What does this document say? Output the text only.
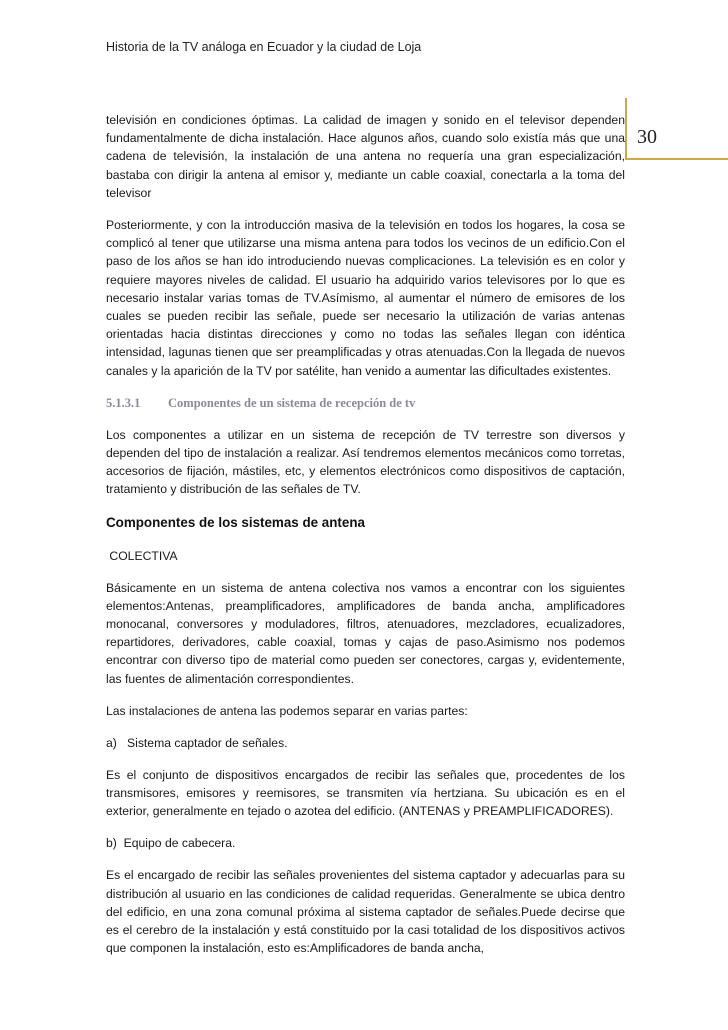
Historia de la TV análoga en Ecuador y la ciudad de Loja
30

televisión en condiciones óptimas. La calidad de imagen y sonido en el televisor dependen fundamentalmente de dicha instalación. Hace algunos años, cuando solo existía más que una cadena de televisión, la instalación de una antena no requería una gran especialización, bastaba con dirigir la antena al emisor y, mediante un cable coaxial, conectarla a la toma del televisor

Posteriormente, y con la introducción masiva de la televisión en todos los hogares, la cosa se complicó al tener que utilizarse una misma antena para todos los vecinos de un edificio.Con el paso de los años se han ido introduciendo nuevas complicaciones. La televisión es en color y requiere mayores niveles de calidad. El usuario ha adquirido varios televisores por lo que es necesario instalar varias tomas de TV.Asímismo, al aumentar el número de emisores de los cuales se pueden recibir las señale, puede ser necesario la utilización de varias antenas orientadas hacia distintas direcciones y como no todas las señales llegan con idéntica intensidad, lagunas tienen que ser preamplificadas y otras atenuadas.Con la llegada de nuevos canales y la aparición de la TV por satélite, han venido a aumentar las dificultades existentes.

5.1.3.1 Componentes de un sistema de recepción de tv

Los componentes a utilizar en un sistema de recepción de TV terrestre son diversos y dependen del tipo de instalación a realizar. Así tendremos elementos mecánicos como torretas, accesorios de fijación, mástiles, etc, y elementos electrónicos como dispositivos de captación, tratamiento y distribución de las señales de TV.

Componentes de los sistemas de antena
COLECTIVA

Básicamente en un sistema de antena colectiva nos vamos a encontrar con los siguientes elementos:Antenas, preamplificadores, amplificadores de banda ancha, amplificadores monocanal, conversores y moduladores, filtros, atenuadores, mezcladores, ecualizadores, repartidores, derivadores, cable coaxial, tomas y cajas de paso.Asimismo nos podemos encontrar con diverso tipo de material como pueden ser conectores, cargas y, evidentemente, las fuentes de alimentación correspondientes.

Las instalaciones de antena las podemos separar en varias partes:
a)   Sistema captador de señales.

Es el conjunto de dispositivos encargados de recibir las señales que, procedentes de los transmisores, emisores y reemisores, se transmiten vía hertziana. Su ubicación es en el exterior, generalmente en tejado o azotea del edificio. (ANTENAS y PREAMPLIFICADORES).

b)  Equipo de cabecera.

Es el encargado de recibir las señales provenientes del sistema captador y adecuarlas para su distribución al usuario en las condiciones de calidad requeridas. Generalmente se ubica dentro del edificio, en una zona comunal próxima al sistema captador de señales.Puede decirse que es el cerebro de la instalación y está constituido por la casi totalidad de los dispositivos activos que componen la instalación, esto es:Amplificadores de banda ancha,
